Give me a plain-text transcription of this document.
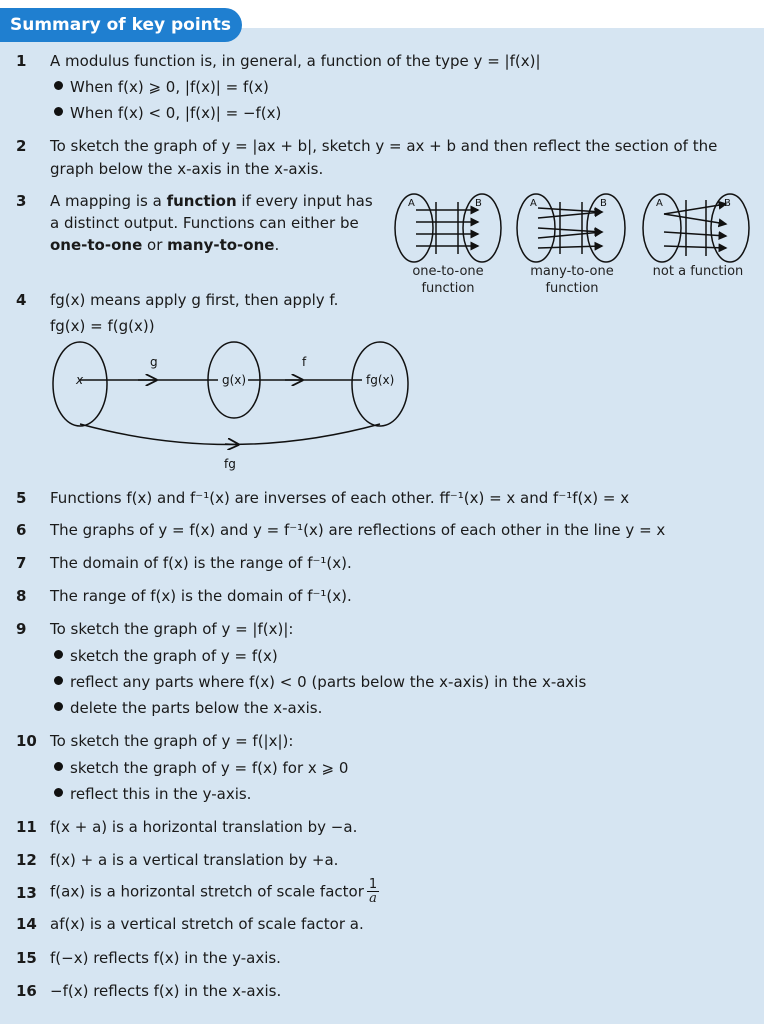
Summary of key points
1 A modulus function is, in general, a function of the type y = |f(x)|
When f(x) ⩾ 0, |f(x)| = f(x)
When f(x) < 0, |f(x)| = −f(x)
2 To sketch the graph of y = |ax + b|, sketch y = ax + b and then reflect the section of the
graph below the x-axis in the x-axis.
3 A mapping is a function if every input has
a distinct output. Functions can either be
one-to-one or many-to-one.
A	B	A	B	A	B
one-to-one
function
many-to-one
function
not a function
4 fg(x) means apply g first, then apply f.
fg(x) = f(g(x))
x	g(x)	fg(x)
g	f
fg
5 Functions f(x) and f⁻¹(x) are inverses of each other. ff⁻¹(x) = x and f⁻¹f(x) = x
6 The graphs of y = f(x) and y = f⁻¹(x) are reflections of each other in the line y = x
7 The domain of f(x) is the range of f⁻¹(x).
8 The range of f(x) is the domain of f⁻¹(x).
9 To sketch the graph of y = |f(x)|:
sketch the graph of y = f(x)
reflect any parts where f(x) < 0 (parts below the x-axis) in the x-axis
delete the parts below the x-axis.
10 To sketch the graph of y = f(|x|):
sketch the graph of y = f(x) for x ⩾ 0
reflect this in the y-axis.
11 f(x + a) is a horizontal translation by −a.
12 f(x) + a is a vertical translation by +a.
13 f(ax) is a horizontal stretch of scale factor $\frac{1}{a}$
14 af(x) is a vertical stretch of scale factor a.
15 f(−x) reflects f(x) in the y-axis.
16 −f(x) reflects f(x) in the x-axis.
